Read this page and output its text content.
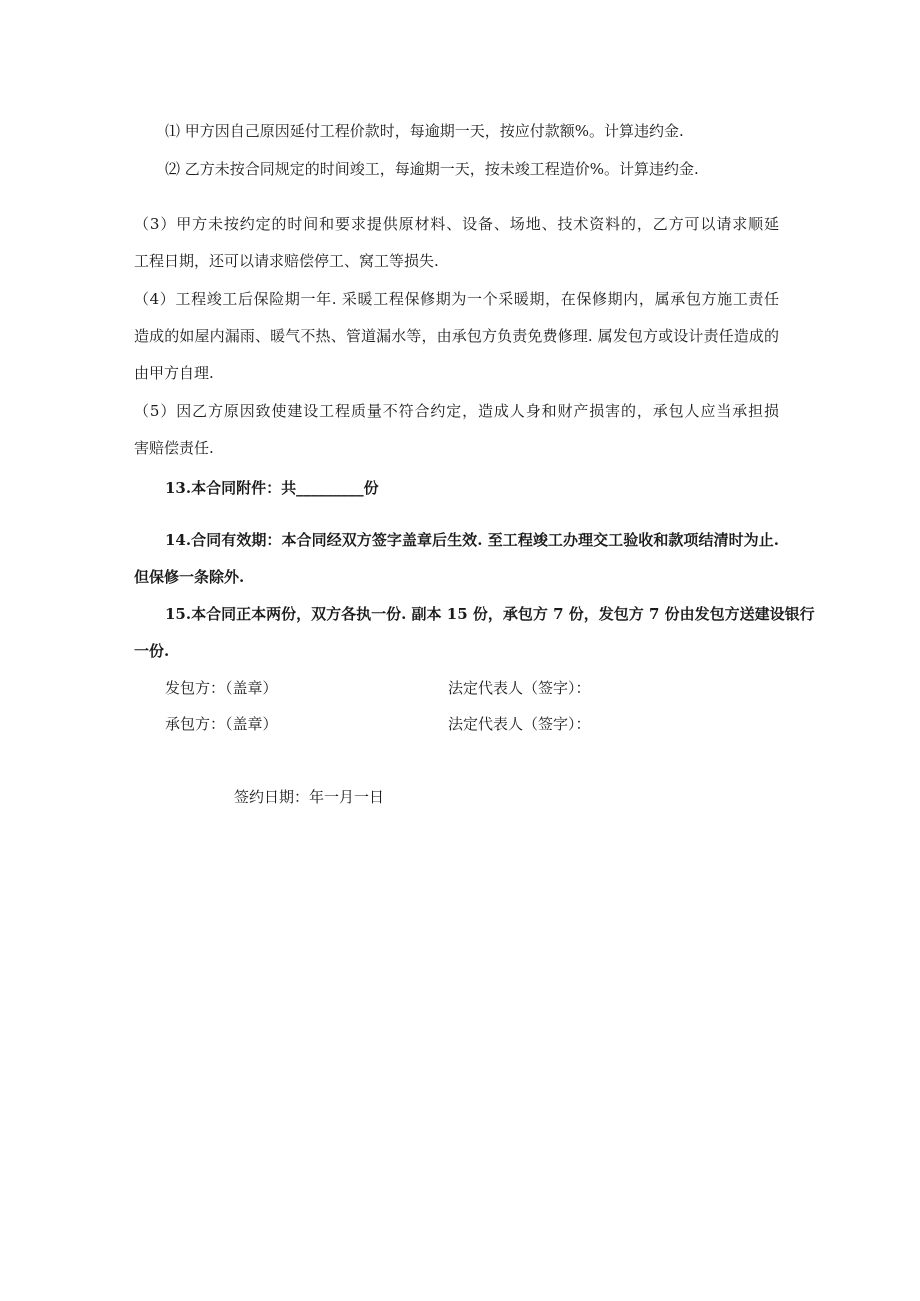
⑴ 甲方因自己原因延付工程价款时，每逾期一天，按应付款额%。计算违约金.
⑵ 乙方未按合同规定的时间竣工，每逾期一天，按未竣工程造价%。计算违约金.
（3）甲方未按约定的时间和要求提供原材料、设备、场地、技术资料的，乙方可以请求顺延
工程日期，还可以请求赔偿停工、窝工等损失.
（4）工程竣工后保险期一年. 采暖工程保修期为一个采暖期，在保修期内，属承包方施工责任
造成的如屋内漏雨、暖气不热、管道漏水等，由承包方负责免费修理. 属发包方或设计责任造成的
由甲方自理.
（5）因乙方原因致使建设工程质量不符合约定，造成人身和财产损害的，承包人应当承担损
害赔偿责任.
13.本合同附件：共_________份
14.合同有效期：本合同经双方签字盖章后生效. 至工程竣工办理交工验收和款项结清时为止.
但保修一条除外.
15.本合同正本两份，双方各执一份. 副本 15 份，承包方 7 份，发包方 7 份由发包方送建设银行
一份.
发包方：（盖章）	法定代表人（签字）：
承包方：（盖章）	法定代表人（签字）：
签约日期：年一月一日
